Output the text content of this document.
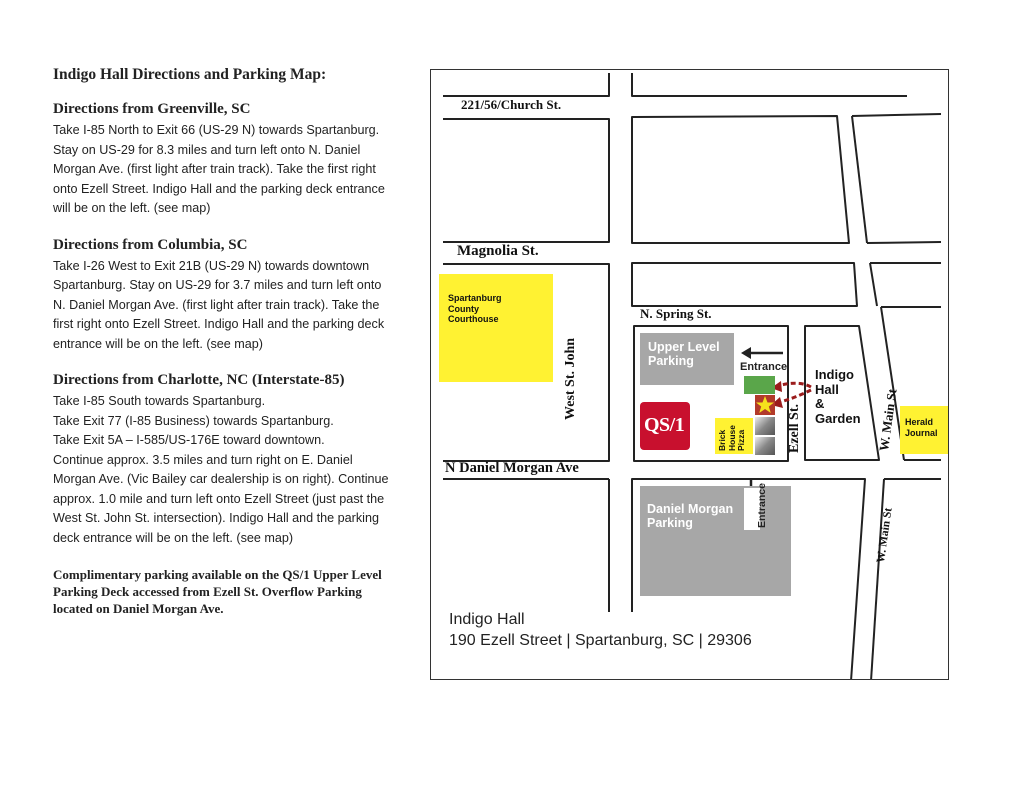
Indigo Hall Directions and Parking Map:
Directions from Greenville, SC
Take I-85 North to Exit 66 (US-29 N) towards Spartanburg.
Stay on US-29 for 8.3 miles and turn left onto N. Daniel
Morgan Ave. (first light after train track). Take the first right
onto Ezell Street. Indigo Hall and the parking deck entrance
will be on the left. (see map)
Directions from Columbia, SC
Take I-26 West to Exit 21B (US-29 N) towards downtown
Spartanburg. Stay on US-29 for 3.7 miles and turn left onto
N. Daniel Morgan Ave. (first light after train track). Take the
first right onto Ezell Street. Indigo Hall and the parking deck
entrance will be on the left. (see map)
Directions from Charlotte, NC (Interstate-85)
Take I-85 South towards Spartanburg.
Take Exit 77 (I-85 Business) towards Spartanburg.
Take Exit 5A – I-585/US-176E toward downtown.
Continue approx. 3.5 miles and turn right on E. Daniel
Morgan Ave. (Vic Bailey car dealership is on right). Continue
approx. 1.0 mile and turn left onto Ezell Street (just past the
West St. John St. intersection). Indigo Hall and the parking
deck entrance will be on the left. (see map)
Complimentary parking available on the QS/1 Upper Level
Parking Deck accessed from Ezell St. Overflow Parking
located on Daniel Morgan Ave.
221/56/Church St.
Magnolia St.
N. Spring St.
N Daniel Morgan Ave
West St. John
Ezell St.	W. Main St
W. Main St
Spartanburg
County
Courthouse
Herald
Journal
Upper Level
Parking	Entrance
QS/1
Brick House Pizza
Indigo
Hall
&
Garden
Daniel Morgan
Parking	Entrance
Indigo Hall
190 Ezell Street | Spartanburg, SC | 29306
